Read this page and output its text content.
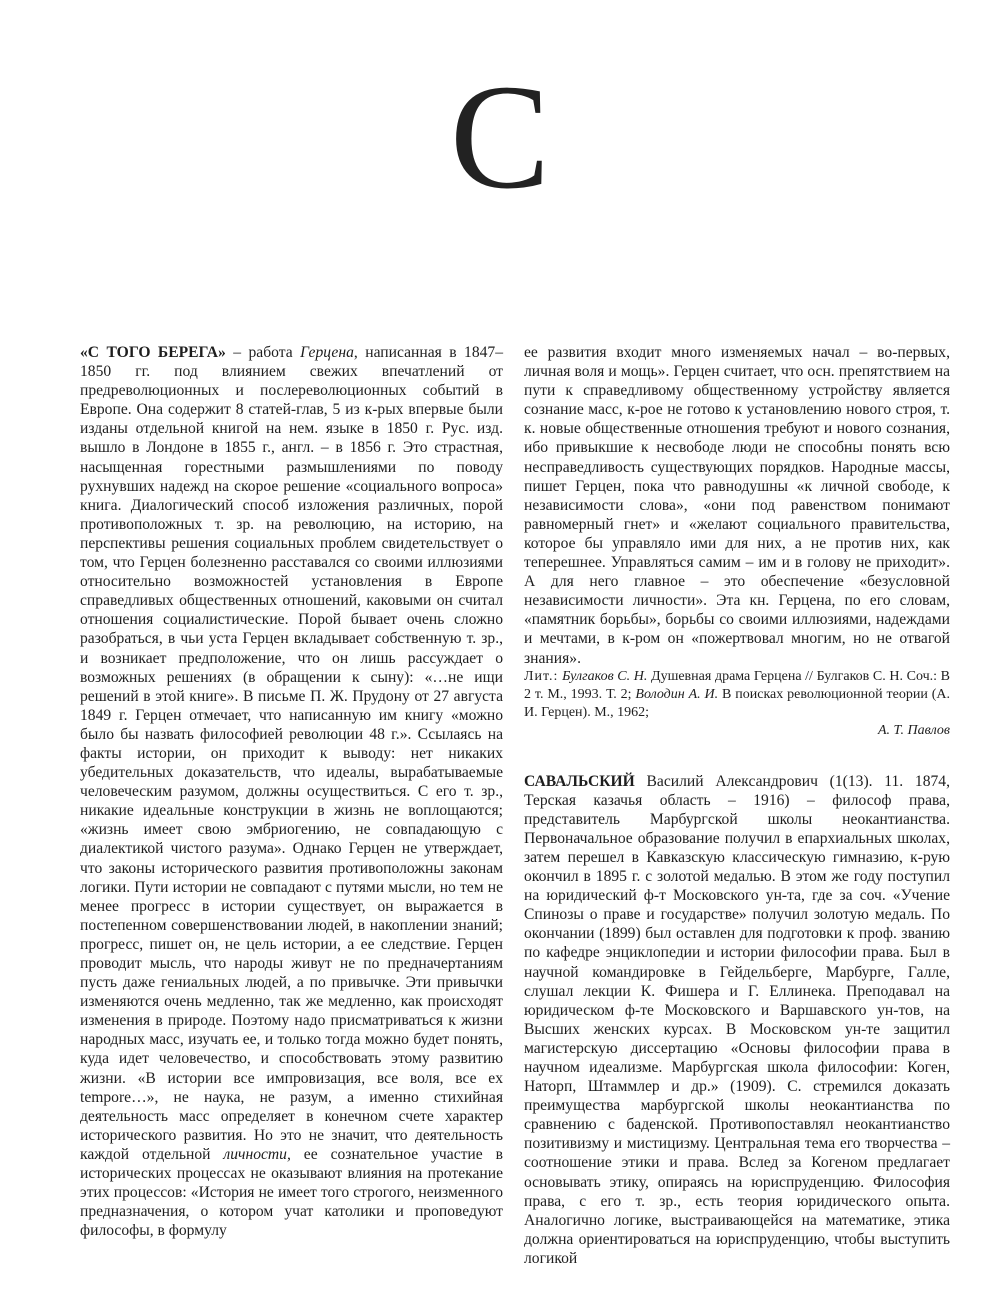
С

«С ТОГО БЕРЕГА» – работа Герцена, написанная в 1847–1850 гг. под влиянием свежих впечатлений от предреволюционных и послереволюционных событий в Европе. Она содержит 8 статей-глав, 5 из к-рых впервые были изданы отдельной книгой на нем. языке в 1850 г. Рус. изд. вышло в Лондоне в 1855 г., англ. – в 1856 г. Это страстная, насыщенная горестными размышлениями по поводу рухнувших надежд на скорое решение «социального вопроса» книга. Диалогический способ изложения различных, порой противоположных т. зр. на революцию, на историю, на перспективы решения социальных проблем свидетельствует о том, что Герцен болезненно расставался со своими иллюзиями относительно возможностей установления в Европе справедливых общественных отношений, каковыми он считал отношения социалистические. Порой бывает очень сложно разобраться, в чьи уста Герцен вкладывает собственную т. зр., и возникает предположение, что он лишь рассуждает о возможных решениях (в обращении к сыну): «…не ищи решений в этой книге». В письме П. Ж. Прудону от 27 августа 1849 г. Герцен отмечает, что написанную им книгу «можно было бы назвать философией революции 48 г.». Ссылаясь на факты истории, он приходит к выводу: нет никаких убедительных доказательств, что идеалы, вырабатываемые человеческим разумом, должны осуществиться. С его т. зр., никакие идеальные конструкции в жизнь не воплощаются; «жизнь имеет свою эмбриогению, не совпадающую с диалектикой чистого разума». Однако Герцен не утверждает, что законы исторического развития противоположны законам логики. Пути истории не совпадают с путями мысли, но тем не менее прогресс в истории существует, он выражается в постепенном совершенствовании людей, в накоплении знаний; прогресс, пишет он, не цель истории, а ее следствие. Герцен проводит мысль, что народы живут не по предначертаниям пусть даже гениальных людей, а по привычке. Эти привычки изменяются очень медленно, так же медленно, как происходят изменения в природе. Поэтому надо присматриваться к жизни народных масс, изучать ее, и только тогда можно будет понять, куда идет человечество, и способствовать этому развитию жизни. «В истории все импровизация, все воля, все ex tempore…», не наука, не разум, а именно стихийная деятельность масс определяет в конечном счете характер исторического развития. Но это не значит, что деятельность каждой отдельной личности, ее сознательное участие в исторических процессах не оказывают влияния на протекание этих процессов: «История не имеет того строгого, неизменного предназначения, о котором учат католики и проповедуют философы, в формулу

ее развития входит много изменяемых начал – во-первых, личная воля и мощь». Герцен считает, что осн. препятствием на пути к справедливому общественному устройству является сознание масс, к-рое не готово к установлению нового строя, т. к. новые общественные отношения требуют и нового сознания, ибо привыкшие к несвободе люди не способны понять всю несправедливость существующих порядков. Народные массы, пишет Герцен, пока что равнодушны «к личной свободе, к независимости слова», «они под равенством понимают равномерный гнет» и «желают социального правительства, которое бы управляло ими для них, а не против них, как теперешнее. Управляться самим – им и в голову не приходит». А для него главное – это обеспечение «безусловной независимости личности». Эта кн. Герцена, по его словам, «памятник борьбы», борьбы со своими иллюзиями, надеждами и мечтами, в к-ром он «пожертвовал многим, но не отвагой знания».

Лит.: Булгаков С. Н. Душевная драма Герцена // Булгаков С. Н. Соч.: В 2 т. М., 1993. Т. 2; Володин А. И. В поисках революционной теории (А. И. Герцен). М., 1962;

А. Т. Павлов

САВАЛЬСКИЙ Василий Александрович (1(13). 11. 1874, Терская казачья область – 1916) – философ права, представитель Марбургской школы неокантианства. Первоначальное образование получил в епархиальных школах, затем перешел в Кавказскую классическую гимназию, к-рую окончил в 1895 г. с золотой медалью. В этом же году поступил на юридический ф-т Московского ун-та, где за соч. «Учение Спинозы о праве и государстве» получил золотую медаль. По окончании (1899) был оставлен для подготовки к проф. званию по кафедре энциклопедии и истории философии права. Был в научной командировке в Гейдельберге, Марбурге, Галле, слушал лекции К. Фишера и Г. Еллинека. Преподавал на юридическом ф-те Московского и Варшавского ун-тов, на Высших женских курсах. В Московском ун-те защитил магистерскую диссертацию «Основы философии права в научном идеализме. Марбургская школа философии: Коген, Наторп, Штаммлер и др.» (1909). С. стремился доказать преимущества марбургской школы неокантианства по сравнению с баденской. Противопоставлял неокантианство позитивизму и мистицизму. Центральная тема его творчества – соотношение этики и права. Вслед за Когеном предлагает основывать этику, опираясь на юриспруденцию. Философия права, с его т. зр., есть теория юридического опыта. Аналогично логике, выстраивающейся на математике, этика должна ориентироваться на юриспруденцию, чтобы выступить логикой
